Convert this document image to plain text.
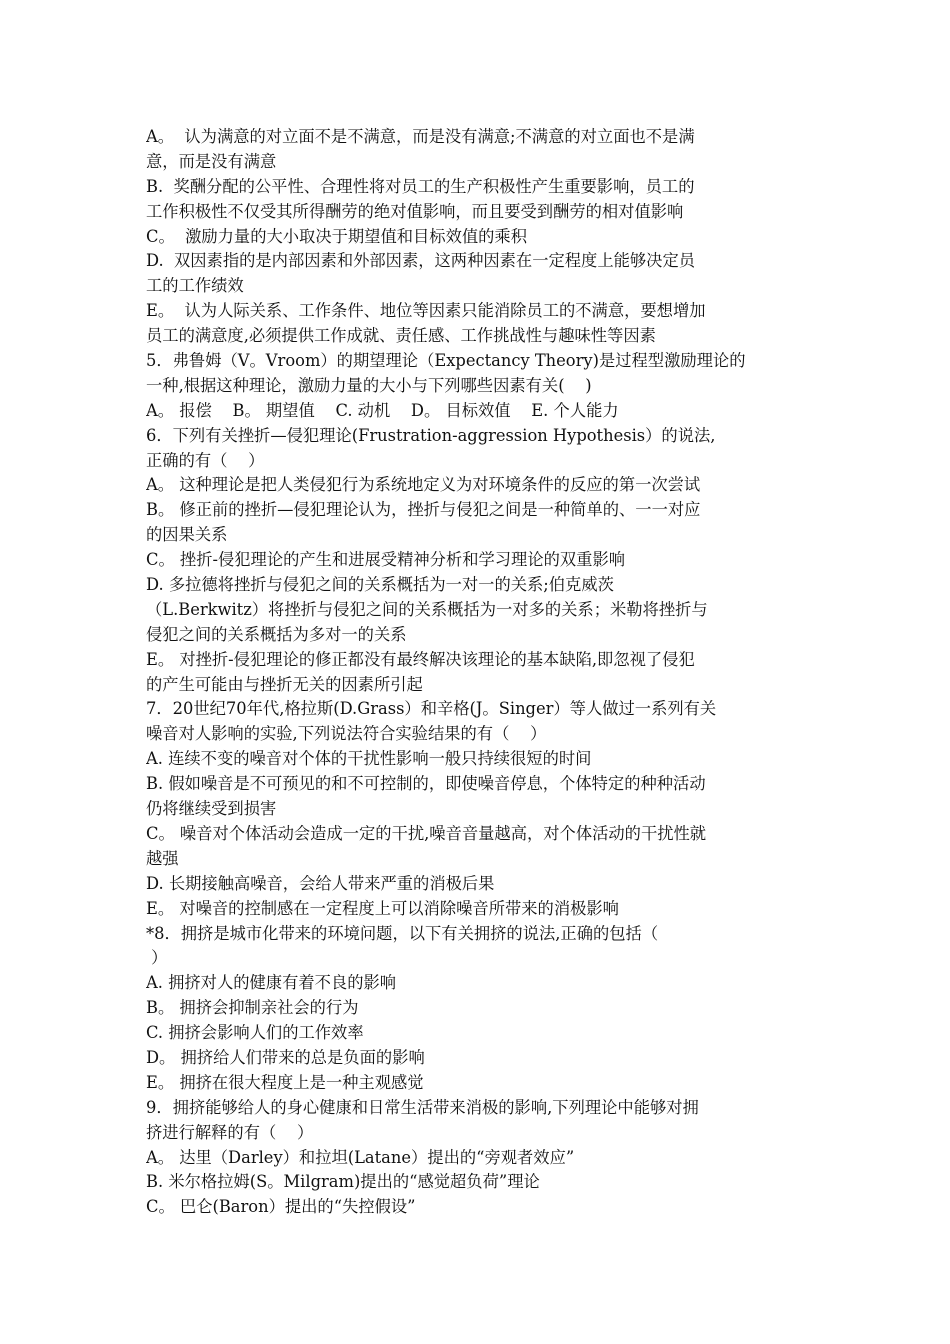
A。  认为满意的对立面不是不满意，而是没有满意;不满意的对立面也不是满
意，而是没有满意
B.  奖酬分配的公平性、合理性将对员工的生产积极性产生重要影响，员工的
工作积极性不仅受其所得酬劳的绝对值影响，而且要受到酬劳的相对值影响
C。  激励力量的大小取决于期望值和目标效值的乘积
D.  双因素指的是内部因素和外部因素，这两种因素在一定程度上能够决定员
工的工作绩效
E。  认为人际关系、工作条件、地位等因素只能消除员工的不满意，要想增加
员工的满意度,必须提供工作成就、责任感、工作挑战性与趣味性等因素
5．弗鲁姆（V。Vroom）的期望理论（Expectancy Theory)是过程型激励理论的
一种,根据这种理论，激励力量的大小与下列哪些因素有关(    )
A。 报偿    B。 期望值    C. 动机    D。 目标效值    E. 个人能力
6．下列有关挫折—侵犯理论(Frustration-aggression Hypothesis）的说法,
正确的有（    ）
A。 这种理论是把人类侵犯行为系统地定义为对环境条件的反应的第一次尝试
B。 修正前的挫折—侵犯理论认为，挫折与侵犯之间是一种简单的、一一对应
的因果关系
C。 挫折-侵犯理论的产生和进展受精神分析和学习理论的双重影响
D. 多拉德将挫折与侵犯之间的关系概括为一对一的关系;伯克威茨
（L.Berkwitz）将挫折与侵犯之间的关系概括为一对多的关系；米勒将挫折与
侵犯之间的关系概括为多对一的关系
E。 对挫折-侵犯理论的修正都没有最终解决该理论的基本缺陷,即忽视了侵犯
的产生可能由与挫折无关的因素所引起
7．20世纪70年代,格拉斯(D.Grass）和辛格(J。Singer）等人做过一系列有关
噪音对人影响的实验,下列说法符合实验结果的有（    ）
A. 连续不变的噪音对个体的干扰性影响一般只持续很短的时间
B. 假如噪音是不可预见的和不可控制的，即使噪音停息，个体特定的种种活动
仍将继续受到损害
C。 噪音对个体活动会造成一定的干扰,噪音音量越高，对个体活动的干扰性就
越强
D. 长期接触高噪音，会给人带来严重的消极后果
E。 对噪音的控制感在一定程度上可以消除噪音所带来的消极影响
*8．拥挤是城市化带来的环境问题，以下有关拥挤的说法,正确的包括（
）
A. 拥挤对人的健康有着不良的影响
B。 拥挤会抑制亲社会的行为
C. 拥挤会影响人们的工作效率
D。 拥挤给人们带来的总是负面的影响
E。 拥挤在很大程度上是一种主观感觉
9．拥挤能够给人的身心健康和日常生活带来消极的影响,下列理论中能够对拥
挤进行解释的有（    ）
A。 达里（Darley）和拉坦(Latane）提出的“旁观者效应”
B. 米尔格拉姆(S。Milgram)提出的“感觉超负荷”理论
C。 巴仑(Baron）提出的“失控假设”
